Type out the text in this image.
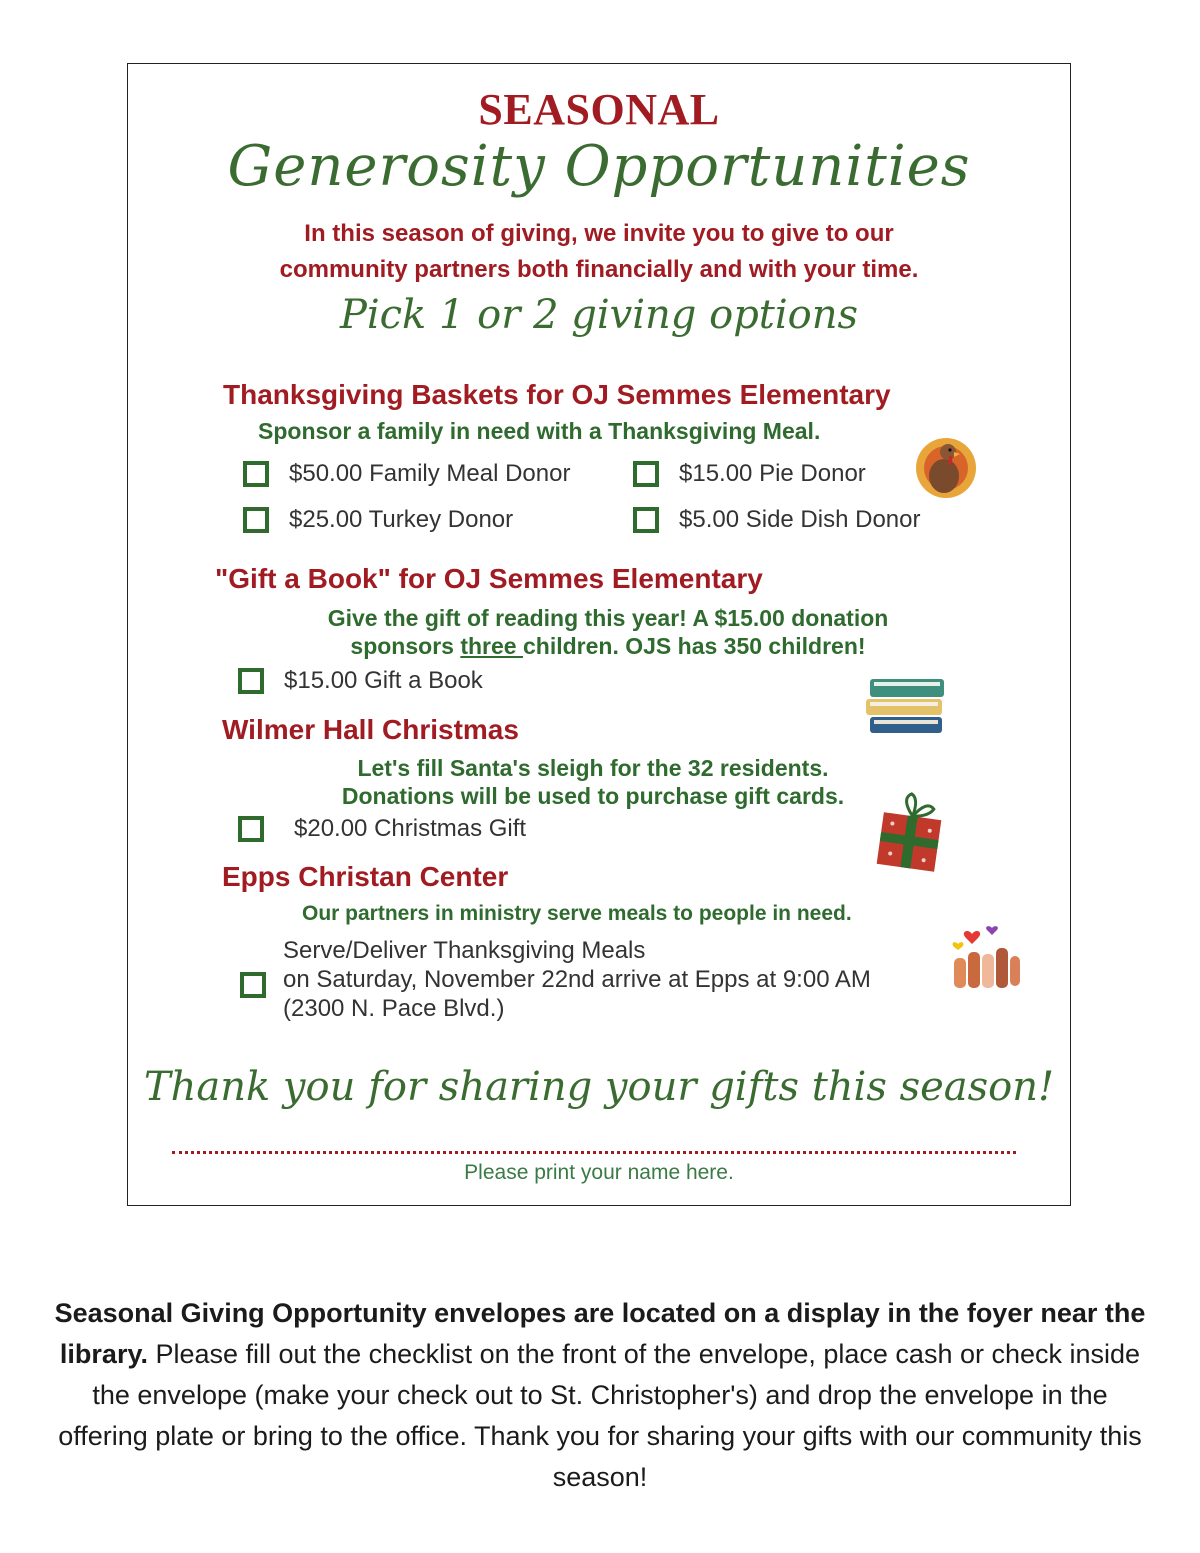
SEASONAL
Generosity Opportunities
In this season of giving, we invite you to give to our
community partners both financially and with your time.
Pick 1 or 2 giving options
Thanksgiving Baskets for OJ Semmes Elementary
Sponsor a family in need with a Thanksgiving Meal.
$50.00 Family Meal Donor	$15.00 Pie Donor
$25.00 Turkey Donor	$5.00 Side Dish Donor
"Gift a Book" for OJ Semmes Elementary
Give the gift of reading this year! A $15.00 donation
sponsors three children. OJS has 350 children!
$15.00 Gift a Book
Wilmer Hall Christmas
Let's fill Santa's sleigh for the 32 residents.
Donations will be used to purchase gift cards.
$20.00 Christmas Gift
Epps Christan Center
Our partners in ministry serve meals to people in need.
Serve/Deliver Thanksgiving Meals
on Saturday, November 22nd arrive at Epps at 9:00 AM
(2300 N. Pace Blvd.)
Thank you for sharing your gifts this season!
Please print your name here.
Seasonal Giving Opportunity envelopes are located on a display in the foyer near the library. Please fill out the checklist on the front of the envelope, place cash or check inside the envelope (make your check out to St. Christopher's) and drop the envelope in the offering plate or bring to the office. Thank you for sharing your gifts with our community this season!
